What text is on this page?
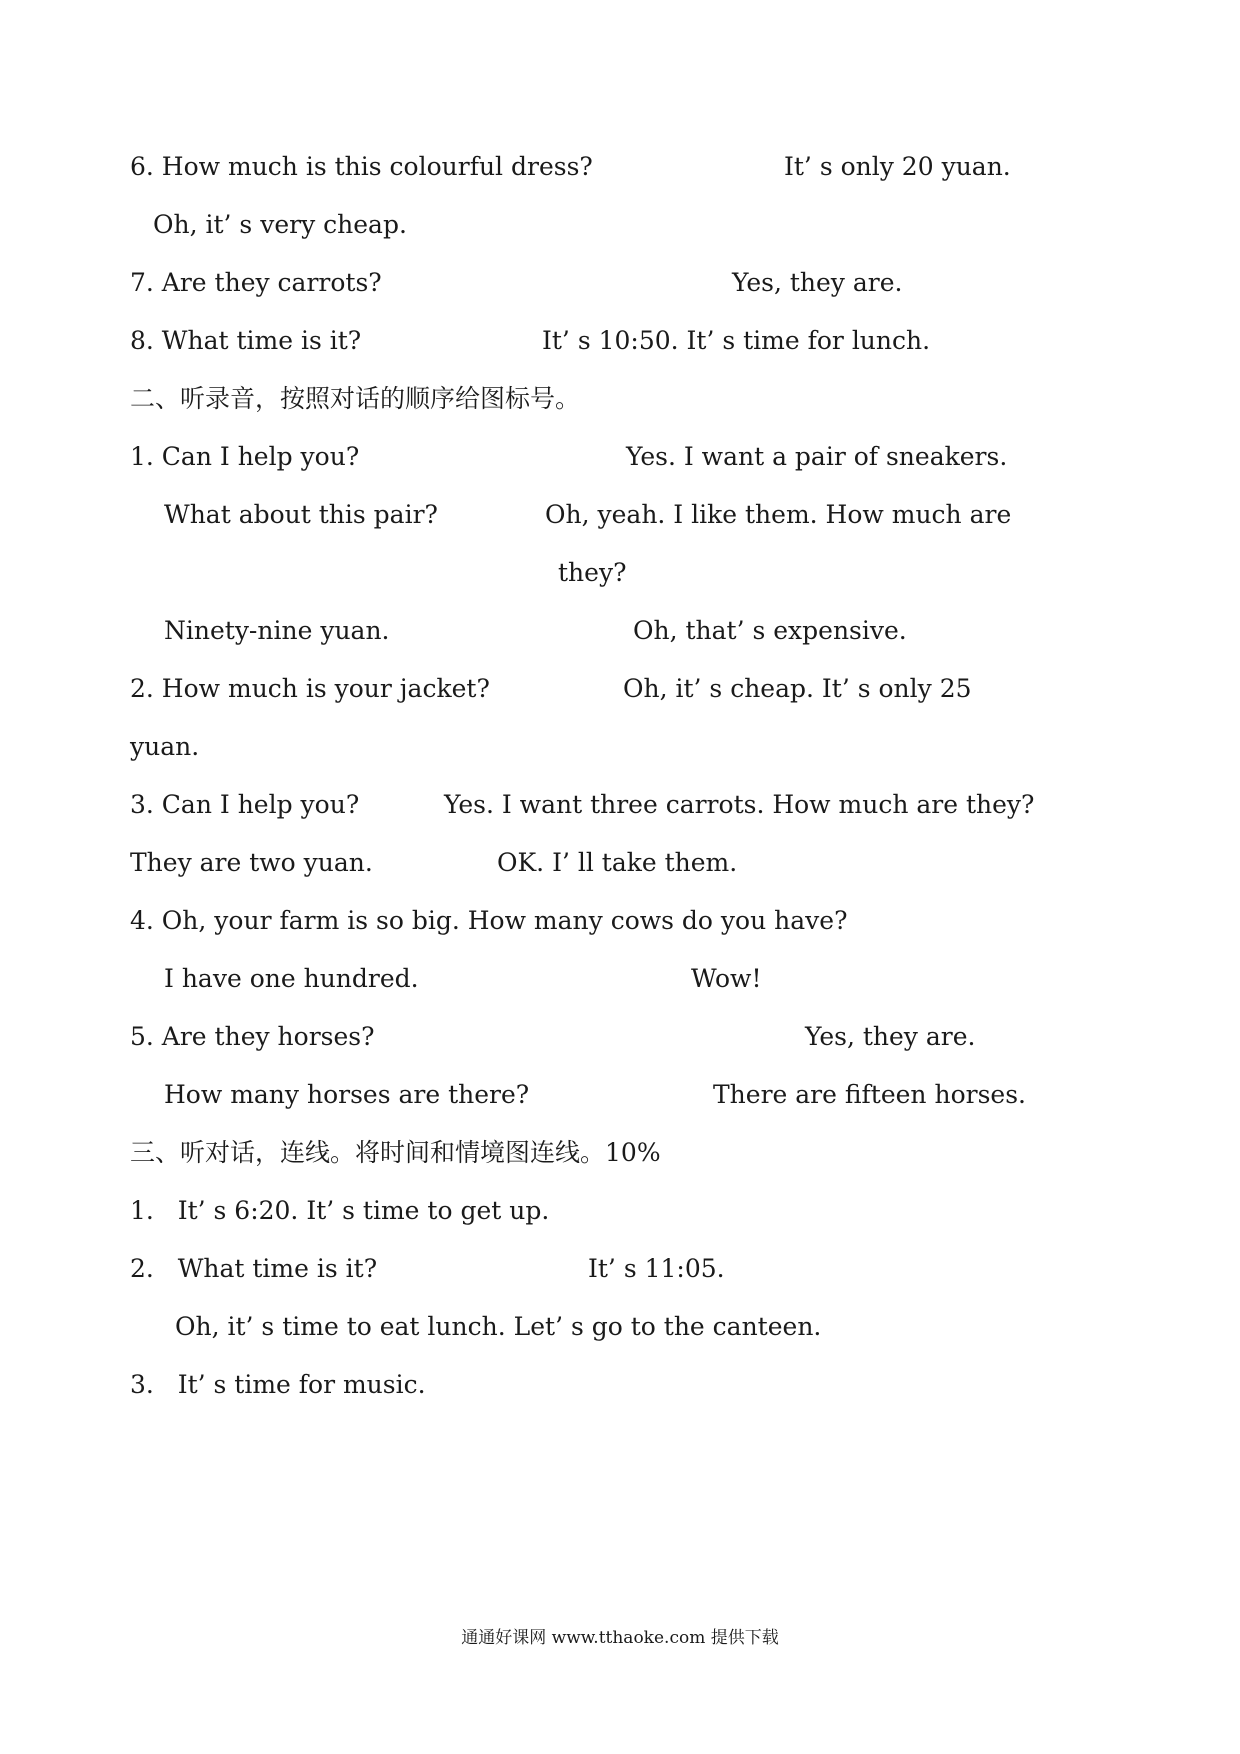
6. How much is this colourful dress?	It’ s only 20 yuan.
Oh, it’ s very cheap.
7. Are they carrots?	Yes, they are.
8. What time is it?	It’ s 10:50. It’ s time for lunch.
二、听录音，按照对话的顺序给图标号。
1. Can I help you?	Yes. I want a pair of sneakers.
What about this pair?	Oh, yeah. I like them. How much are
they?
Ninety-nine yuan.	Oh, that’ s expensive.
2. How much is your jacket?	Oh, it’ s cheap. It’ s only 25
yuan.
3. Can I help you?	Yes. I want three carrots. How much are they?
They are two yuan.	OK. I’ ll take them.
4. Oh, your farm is so big. How many cows do you have?
I have one hundred.	Wow!
5. Are they horses?	Yes, they are.
How many horses are there?	There are fifteen horses.
三、听对话，连线。将时间和情境图连线。10%
1.   It’ s 6:20. It’ s time to get up.
2.   What time is it?	It’ s 11:05.
Oh, it’ s time to eat lunch. Let’ s go to the canteen.
3.   It’ s time for music.
通通好课网 www.tthaoke.com 提供下载
